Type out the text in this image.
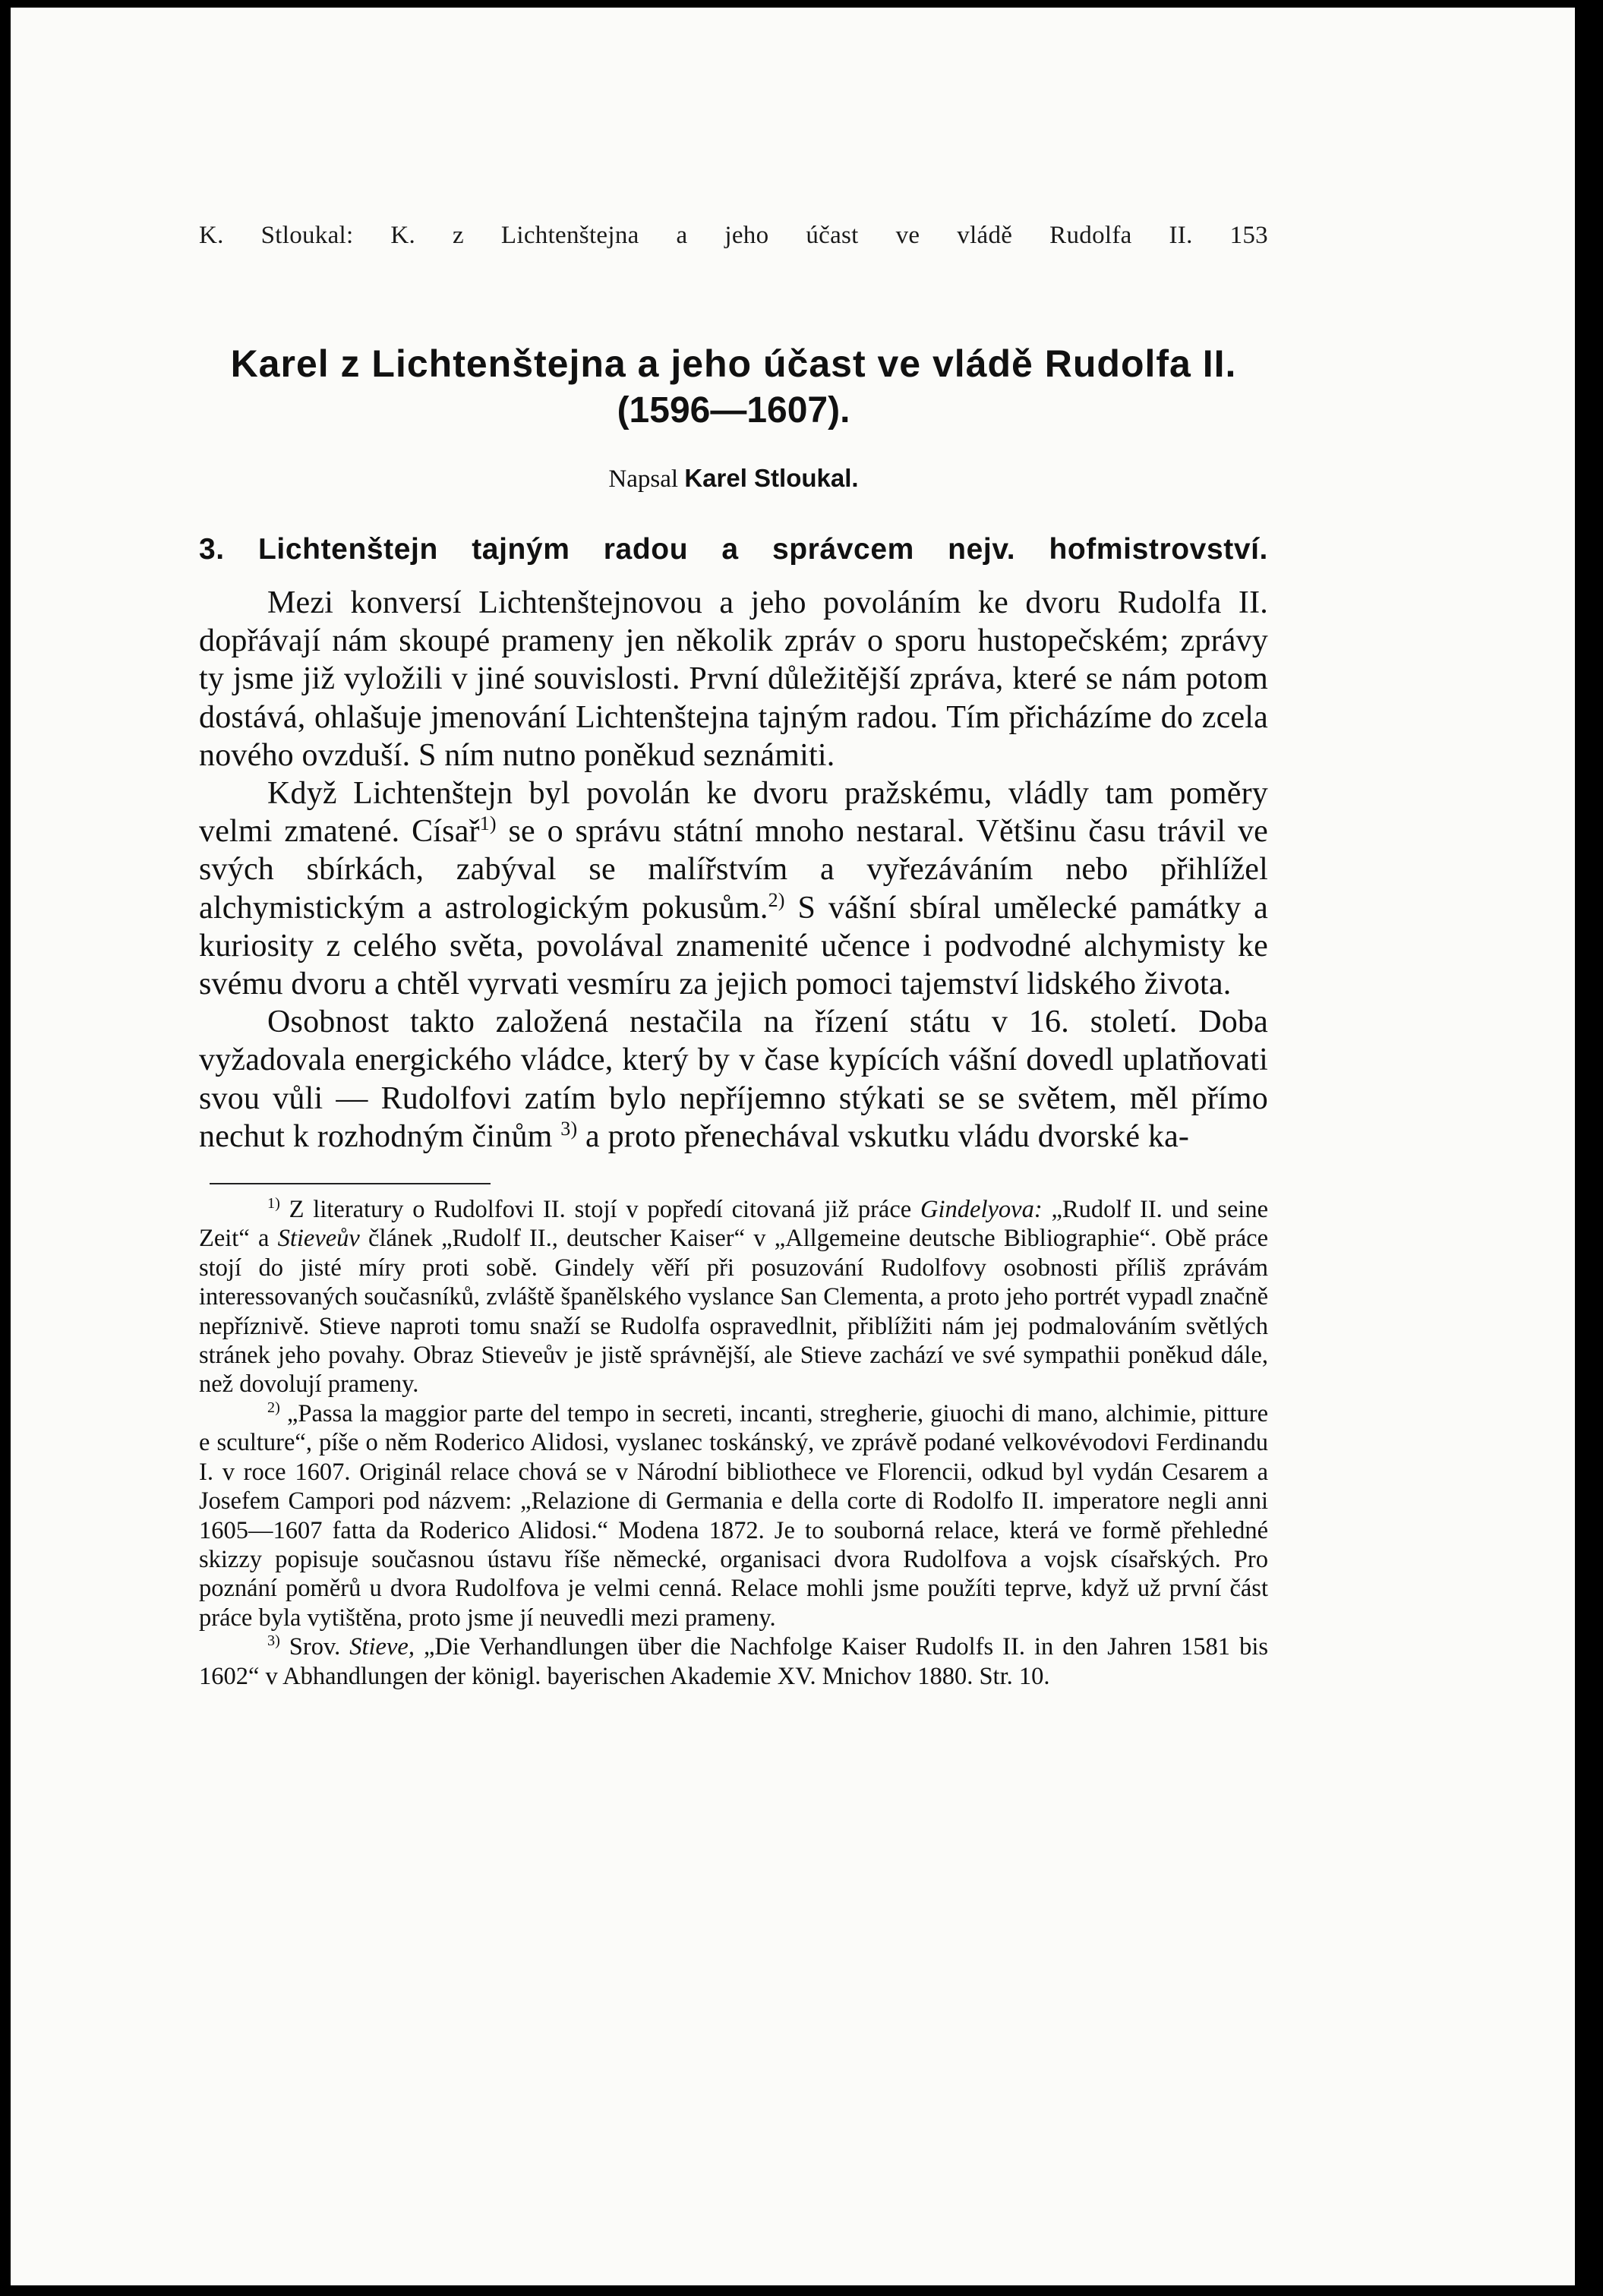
K. Stloukal: K. z Lichtenštejna a jeho účast ve vládě Rudolfa II. 153
Karel z Lichtenštejna a jeho účast ve vládě Rudolfa II.
(1596—1607).
Napsal Karel Stloukal.
3. Lichtenštejn tajným radou a správcem nejv. hofmistrovství.

Mezi konversí Lichtenštejnovou a jeho povoláním ke dvoru Rudolfa II. dopřávají nám skoupé prameny jen několik zpráv o sporu hustopečském; zprávy ty jsme již vyložili v jiné souvislosti. První důležitější zpráva, které se nám potom dostává, ohlašuje jmenování Lichtenštejna tajným radou. Tím přicházíme do zcela nového ovzduší. S ním nutno poněkud seznámiti.

Když Lichtenštejn byl povolán ke dvoru pražskému, vládly tam poměry velmi zmatené. Císař$^{1)}$ se o správu státní mnoho nestaral. Většinu času trávil ve svých sbírkách, zabýval se malířstvím a vyřezáváním nebo přihlížel alchymistickým a astrologickým pokusům.$^{2)}$ S vášní sbíral umělecké památky a kuriosity z celého světa, povolával znamenité učence i podvodné alchymisty ke svému dvoru a chtěl vyrvati vesmíru za jejich pomoci tajemství lidského života.

Osobnost takto založená nestačila na řízení státu v 16. století. Doba vyžadovala energického vládce, který by v čase kypících vášní dovedl uplatňovati svou vůli — Rudolfovi zatím bylo nepříjemno stýkati se se světem, měl přímo nechut k rozhodným činům $^{3)}$ a proto přenechával vskutku vládu dvorské ka-

$^{1)}$ Z literatury o Rudolfovi II. stojí v popředí citovaná již práce Gindelyova: „Rudolf II. und seine Zeit“ a Stieveův článek „Rudolf II., deutscher Kaiser“ v „Allgemeine deutsche Bibliographie“. Obě práce stojí do jisté míry proti sobě. Gindely věří při posuzování Rudolfovy osobnosti příliš zprávám interessovaných současníků, zvláště španělského vyslance San Clementa, a proto jeho portrét vypadl značně nepříznivě. Stieve naproti tomu snaží se Rudolfa ospravedlnit, přiblížiti nám jej podmalováním světlých stránek jeho povahy. Obraz Stieveův je jistě správnější, ale Stieve zachází ve své sympathii poněkud dále, než dovolují prameny.

$^{2)}$ „Passa la maggior parte del tempo in secreti, incanti, stregherie, giuochi di mano, alchimie, pitture e sculture“, píše o něm Roderico Alidosi, vyslanec toskánský, ve zprávě podané velkovévodovi Ferdinandu I. v roce 1607. Originál relace chová se v Národní bibliothece ve Florencii, odkud byl vydán Cesarem a Josefem Campori pod názvem: „Relazione di Germania e della corte di Rodolfo II. imperatore negli anni 1605—1607 fatta da Roderico Alidosi.“ Modena 1872. Je to souborná relace, která ve formě přehledné skizzy popisuje současnou ústavu říše německé, organisaci dvora Rudolfova a vojsk císařských. Pro poznání poměrů u dvora Rudolfova je velmi cenná. Relace mohli jsme použíti teprve, když už první část práce byla vytištěna, proto jsme jí neuvedli mezi prameny.

$^{3)}$ Srov. Stieve, „Die Verhandlungen über die Nachfolge Kaiser Rudolfs II. in den Jahren 1581 bis 1602“ v Abhandlungen der königl. bayerischen Akademie XV. Mnichov 1880. Str. 10.
